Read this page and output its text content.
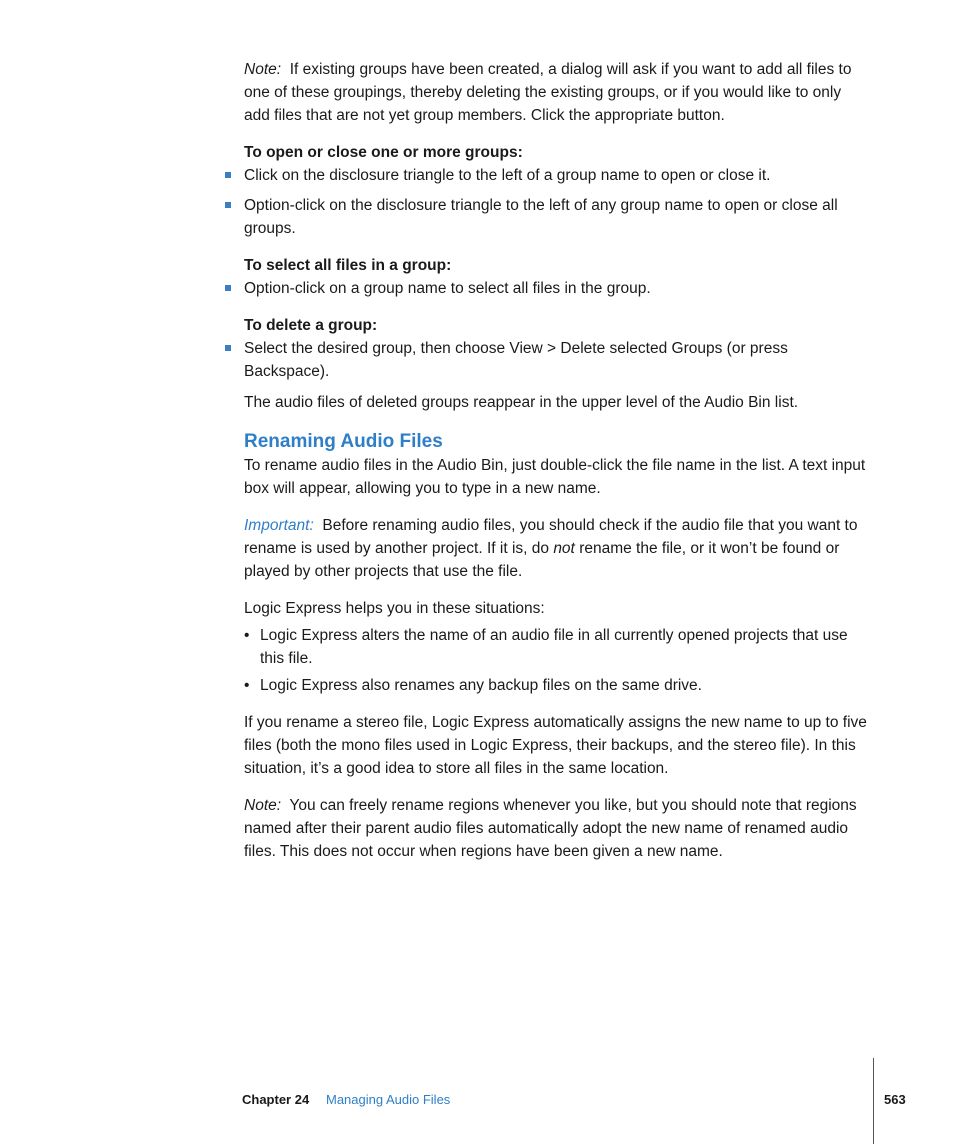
Note: If existing groups have been created, a dialog will ask if you want to add all files to one of these groupings, thereby deleting the existing groups, or if you would like to only add files that are not yet group members. Click the appropriate button.

To open or close one or more groups:

Click on the disclosure triangle to the left of a group name to open or close it.
Option-click on the disclosure triangle to the left of any group name to open or close all groups.

To select all files in a group:

Option-click on a group name to select all files in the group.

To delete a group:

Select the desired group, then choose View > Delete selected Groups (or press Backspace).

The audio files of deleted groups reappear in the upper level of the Audio Bin list.

Renaming Audio Files

To rename audio files in the Audio Bin, just double-click the file name in the list. A text input box will appear, allowing you to type in a new name.

Important: Before renaming audio files, you should check if the audio file that you want to rename is used by another project. If it is, do not rename the file, or it won’t be found or played by other projects that use the file.

Logic Express helps you in these situations:

• Logic Express alters the name of an audio file in all currently opened projects that use this file.
• Logic Express also renames any backup files on the same drive.

If you rename a stereo file, Logic Express automatically assigns the new name to up to five files (both the mono files used in Logic Express, their backups, and the stereo file). In this situation, it’s a good idea to store all files in the same location.

Note: You can freely rename regions whenever you like, but you should note that regions named after their parent audio files automatically adopt the new name of renamed audio files. This does not occur when regions have been given a new name.

Chapter 24 Managing Audio Files	563
